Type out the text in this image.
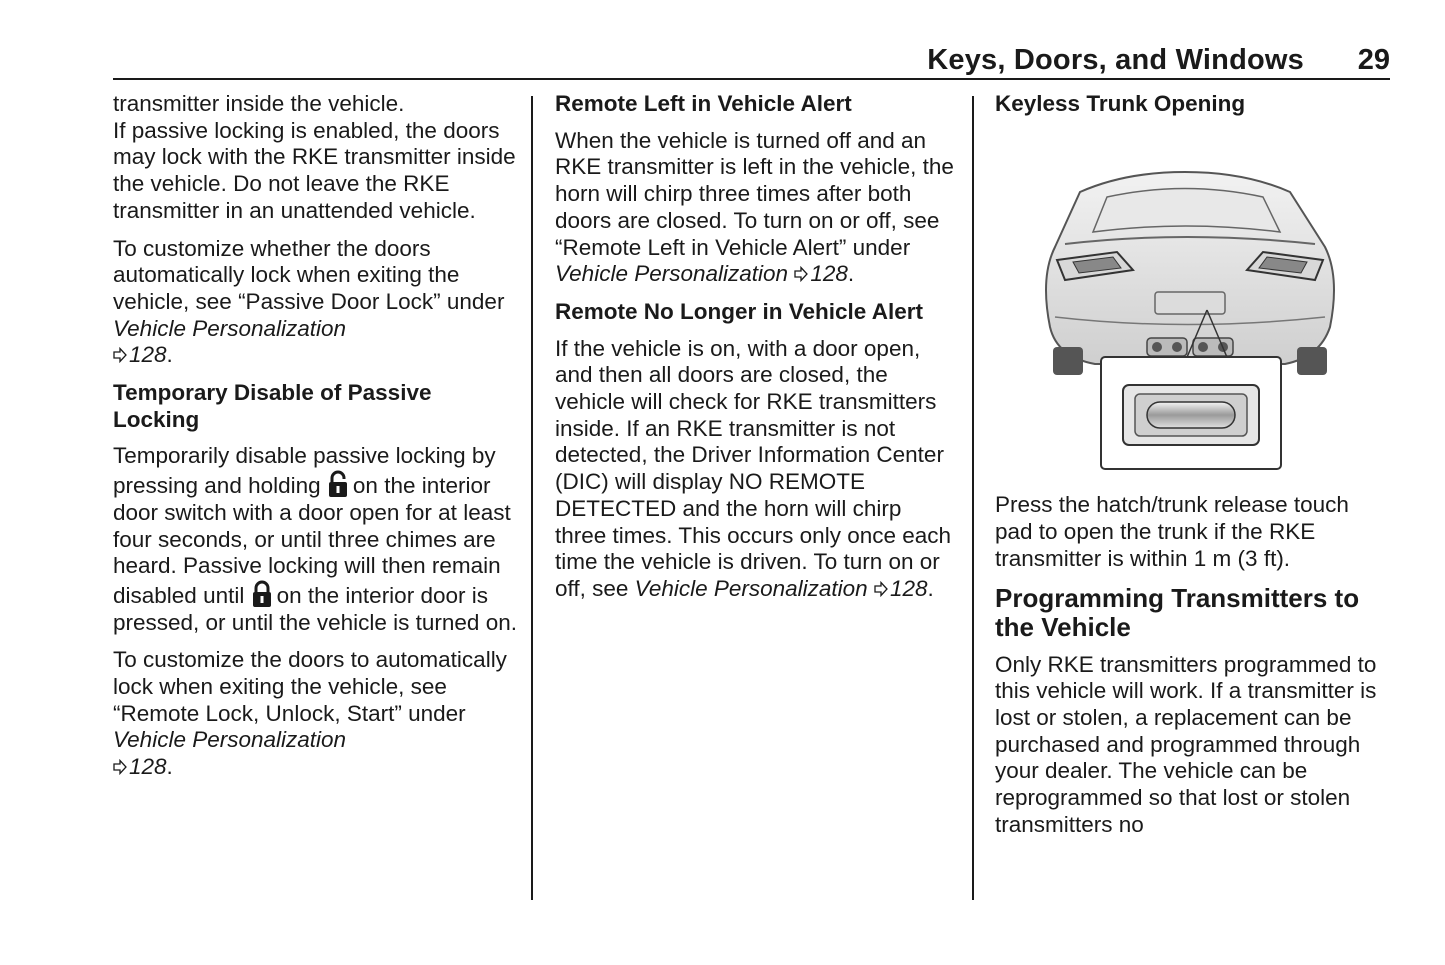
Keys, Doors, and Windows 29

transmitter inside the vehicle.

If passive locking is enabled, the doors may lock with the RKE transmitter inside the vehicle. Do not leave the RKE transmitter in an unattended vehicle.

To customize whether the doors automatically lock when exiting the vehicle, see “Passive Door Lock” under Vehicle Personalization
128.

Temporary Disable of Passive Locking

Temporarily disable passive locking by pressing and holding on the interior door switch with a door open for at least four seconds, or until three chimes are heard. Passive locking will then remain disabled until on the interior door is pressed, or until the vehicle is turned on.

To customize the doors to automatically lock when exiting the vehicle, see “Remote Lock, Unlock, Start” under Vehicle Personalization
128.

Remote Left in Vehicle Alert

When the vehicle is turned off and an RKE transmitter is left in the vehicle, the horn will chirp three times after both doors are closed. To turn on or off, see “Remote Left in Vehicle Alert” under Vehicle Personalization 128.

Remote No Longer in Vehicle Alert

If the vehicle is on, with a door open, and then all doors are closed, the vehicle will check for RKE transmitters inside. If an RKE transmitter is not detected, the Driver Information Center (DIC) will display NO REMOTE DETECTED and the horn will chirp three times. This occurs only once each time the vehicle is driven. To turn on or off, see Vehicle Personalization 128.

Keyless Trunk Opening

Press the hatch/trunk release touch pad to open the trunk if the RKE transmitter is within 1 m (3 ft).

Programming Transmitters to the Vehicle

Only RKE transmitters programmed to this vehicle will work. If a transmitter is lost or stolen, a replacement can be purchased and programmed through your dealer. The vehicle can be reprogrammed so that lost or stolen transmitters no
